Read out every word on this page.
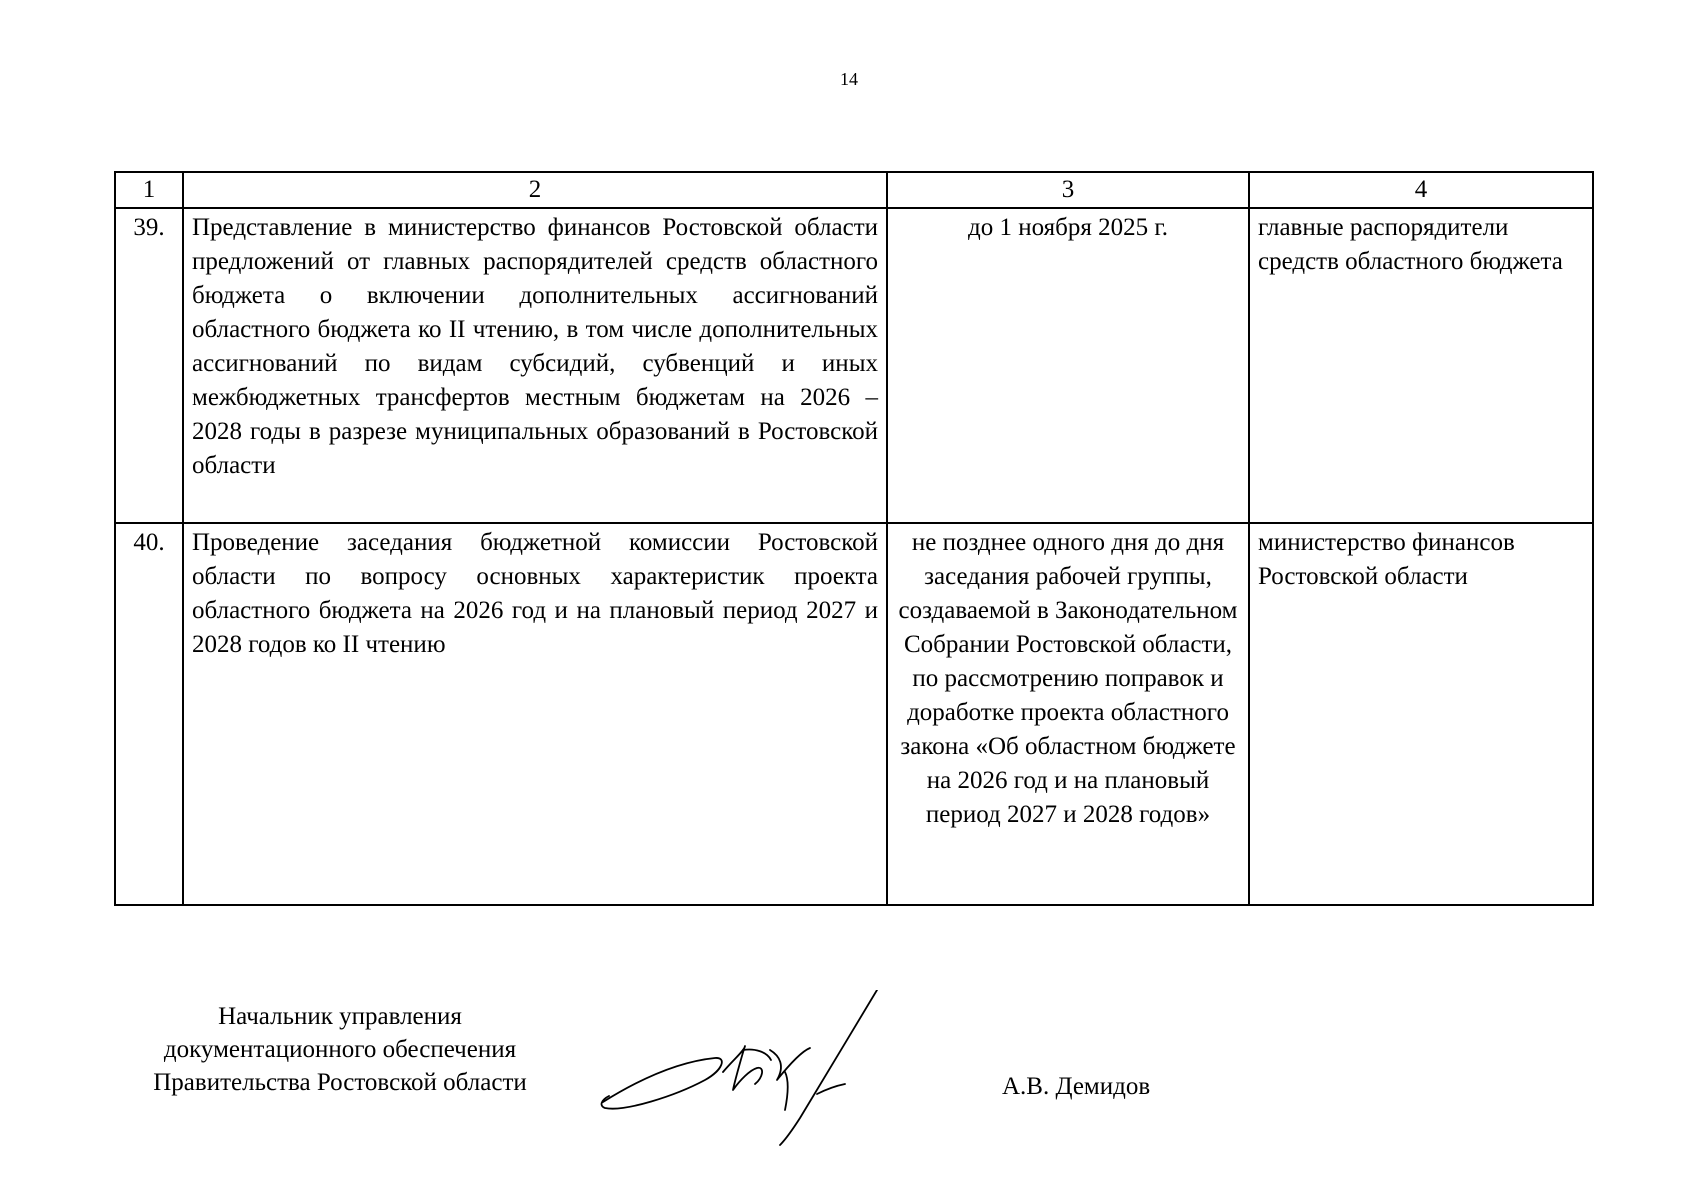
14
1	2	3	4
39.	Представление в министерство финансов Ростовской области предложений от главных распорядителей средств областного бюджета о включении дополнительных ассигнований областного бюджета ко II чтению, в том числе дополнительных ассигнований по видам субсидий, субвенций и иных межбюджетных трансфертов местным бюджетам на 2026 – 2028 годы в разрезе муниципальных образований в Ростовской области	до 1 ноября 2025 г.	главные распорядители средств областного бюджета
40.	Проведение заседания бюджетной комиссии Ростовской области по вопросу основных характеристик проекта областного бюджета на 2026 год и на плановый период 2027 и 2028 годов ко II чтению	не позднее одного дня до дня заседания рабочей группы, создаваемой в Законодательном Собрании Ростовской области, по рассмотрению поправок и доработке проекта областного закона «Об областном бюджете на 2026 год и на плановый период 2027 и 2028 годов»	министерство финансов Ростовской области
Начальник управления
документационного обеспечения
Правительства Ростовской области	А.В. Демидов
